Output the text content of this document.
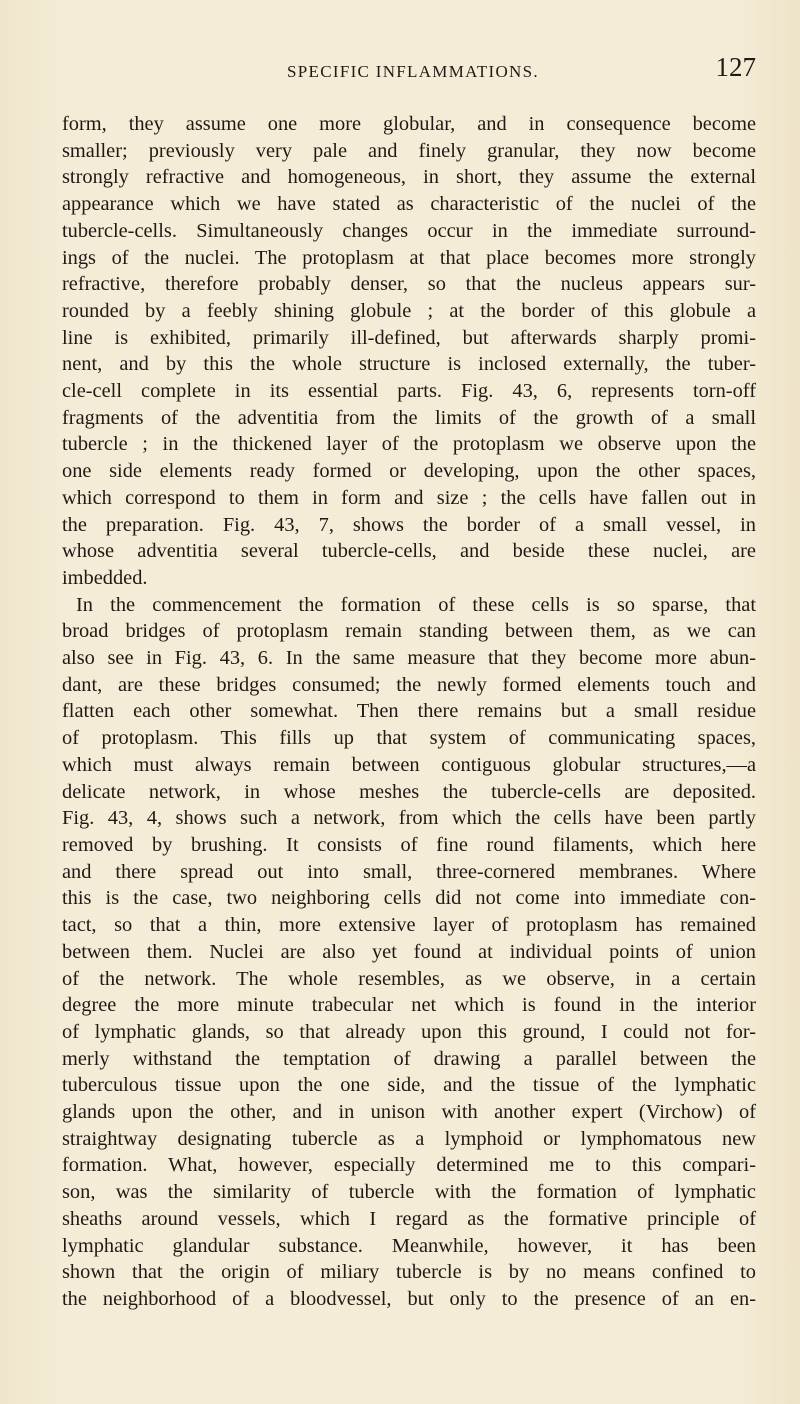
SPECIFIC INFLAMMATIONS.	127
form, they assume one more globular, and in consequence become
smaller; previously very pale and finely granular, they now become
strongly refractive and homogeneous, in short, they assume the external
appearance which we have stated as characteristic of the nuclei of the
tubercle-cells. Simultaneously changes occur in the immediate surround-
ings of the nuclei. The protoplasm at that place becomes more strongly
refractive, therefore probably denser, so that the nucleus appears sur-
rounded by a feebly shining globule ; at the border of this globule a
line is exhibited, primarily ill-defined, but afterwards sharply promi-
nent, and by this the whole structure is inclosed externally, the tuber-
cle-cell complete in its essential parts. Fig. 43, 6, represents torn-off
fragments of the adventitia from the limits of the growth of a small
tubercle ; in the thickened layer of the protoplasm we observe upon the
one side elements ready formed or developing, upon the other spaces,
which correspond to them in form and size ; the cells have fallen out in
the preparation. Fig. 43, 7, shows the border of a small vessel, in
whose adventitia several tubercle-cells, and beside these nuclei, are
imbedded.
In the commencement the formation of these cells is so sparse, that
broad bridges of protoplasm remain standing between them, as we can
also see in Fig. 43, 6. In the same measure that they become more abun-
dant, are these bridges consumed; the newly formed elements touch and
flatten each other somewhat. Then there remains but a small residue
of protoplasm. This fills up that system of communicating spaces,
which must always remain between contiguous globular structures,—a
delicate network, in whose meshes the tubercle-cells are deposited.
Fig. 43, 4, shows such a network, from which the cells have been partly
removed by brushing. It consists of fine round filaments, which here
and there spread out into small, three-cornered membranes. Where
this is the case, two neighboring cells did not come into immediate con-
tact, so that a thin, more extensive layer of protoplasm has remained
between them. Nuclei are also yet found at individual points of union
of the network. The whole resembles, as we observe, in a certain
degree the more minute trabecular net which is found in the interior
of lymphatic glands, so that already upon this ground, I could not for-
merly withstand the temptation of drawing a parallel between the
tuberculous tissue upon the one side, and the tissue of the lymphatic
glands upon the other, and in unison with another expert (Virchow) of
straightway designating tubercle as a lymphoid or lymphomatous new
formation. What, however, especially determined me to this compari-
son, was the similarity of tubercle with the formation of lymphatic
sheaths around vessels, which I regard as the formative principle of
lymphatic glandular substance. Meanwhile, however, it has been
shown that the origin of miliary tubercle is by no means confined to
the neighborhood of a bloodvessel, but only to the presence of an en-
